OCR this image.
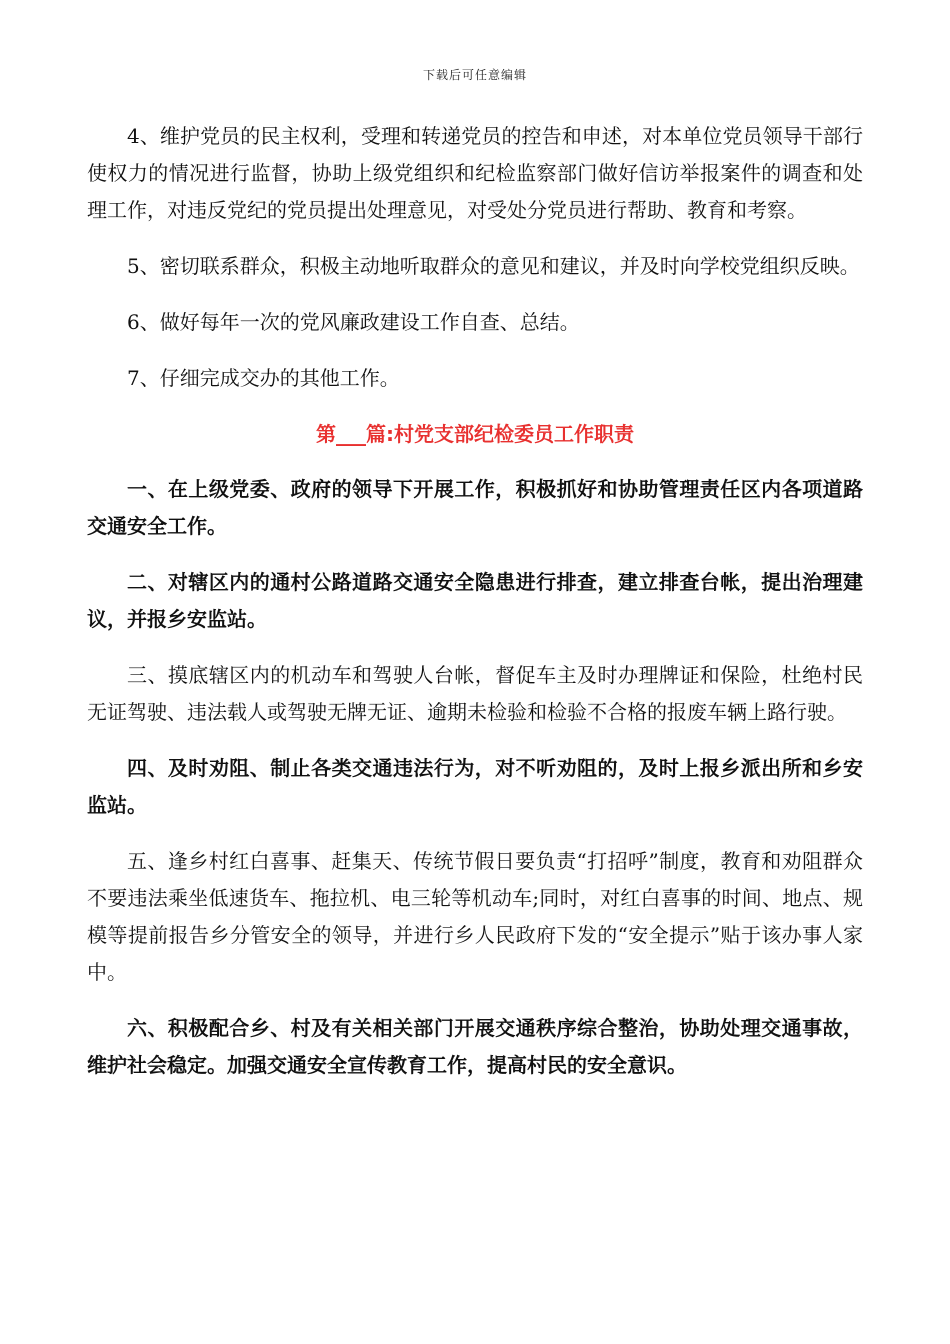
下载后可任意编辑

4、维护党员的民主权利，受理和转递党员的控告和申述，对本单位党员领导干部行使权力的情况进行监督，协助上级党组织和纪检监察部门做好信访举报案件的调查和处理工作，对违反党纪的党员提出处理意见，对受处分党员进行帮助、教育和考察。

5、密切联系群众，积极主动地听取群众的意见和建议，并及时向学校党组织反映。

6、做好每年一次的党风廉政建设工作自查、总结。

7、仔细完成交办的其他工作。

第___篇:村党支部纪检委员工作职责

一、在上级党委、政府的领导下开展工作，积极抓好和协助管理责任区内各项道路交通安全工作。

二、对辖区内的通村公路道路交通安全隐患进行排查，建立排查台帐，提出治理建议，并报乡安监站。

三、摸底辖区内的机动车和驾驶人台帐，督促车主及时办理牌证和保险，杜绝村民无证驾驶、违法载人或驾驶无牌无证、逾期未检验和检验不合格的报废车辆上路行驶。

四、及时劝阻、制止各类交通违法行为，对不听劝阻的，及时上报乡派出所和乡安监站。

五、逢乡村红白喜事、赶集天、传统节假日要负责“打招呼”制度，教育和劝阻群众不要违法乘坐低速货车、拖拉机、电三轮等机动车;同时，对红白喜事的时间、地点、规模等提前报告乡分管安全的领导，并进行乡人民政府下发的“安全提示”贴于该办事人家中。

六、积极配合乡、村及有关相关部门开展交通秩序综合整治，协助处理交通事故，维护社会稳定。加强交通安全宣传教育工作，提高村民的安全意识。
